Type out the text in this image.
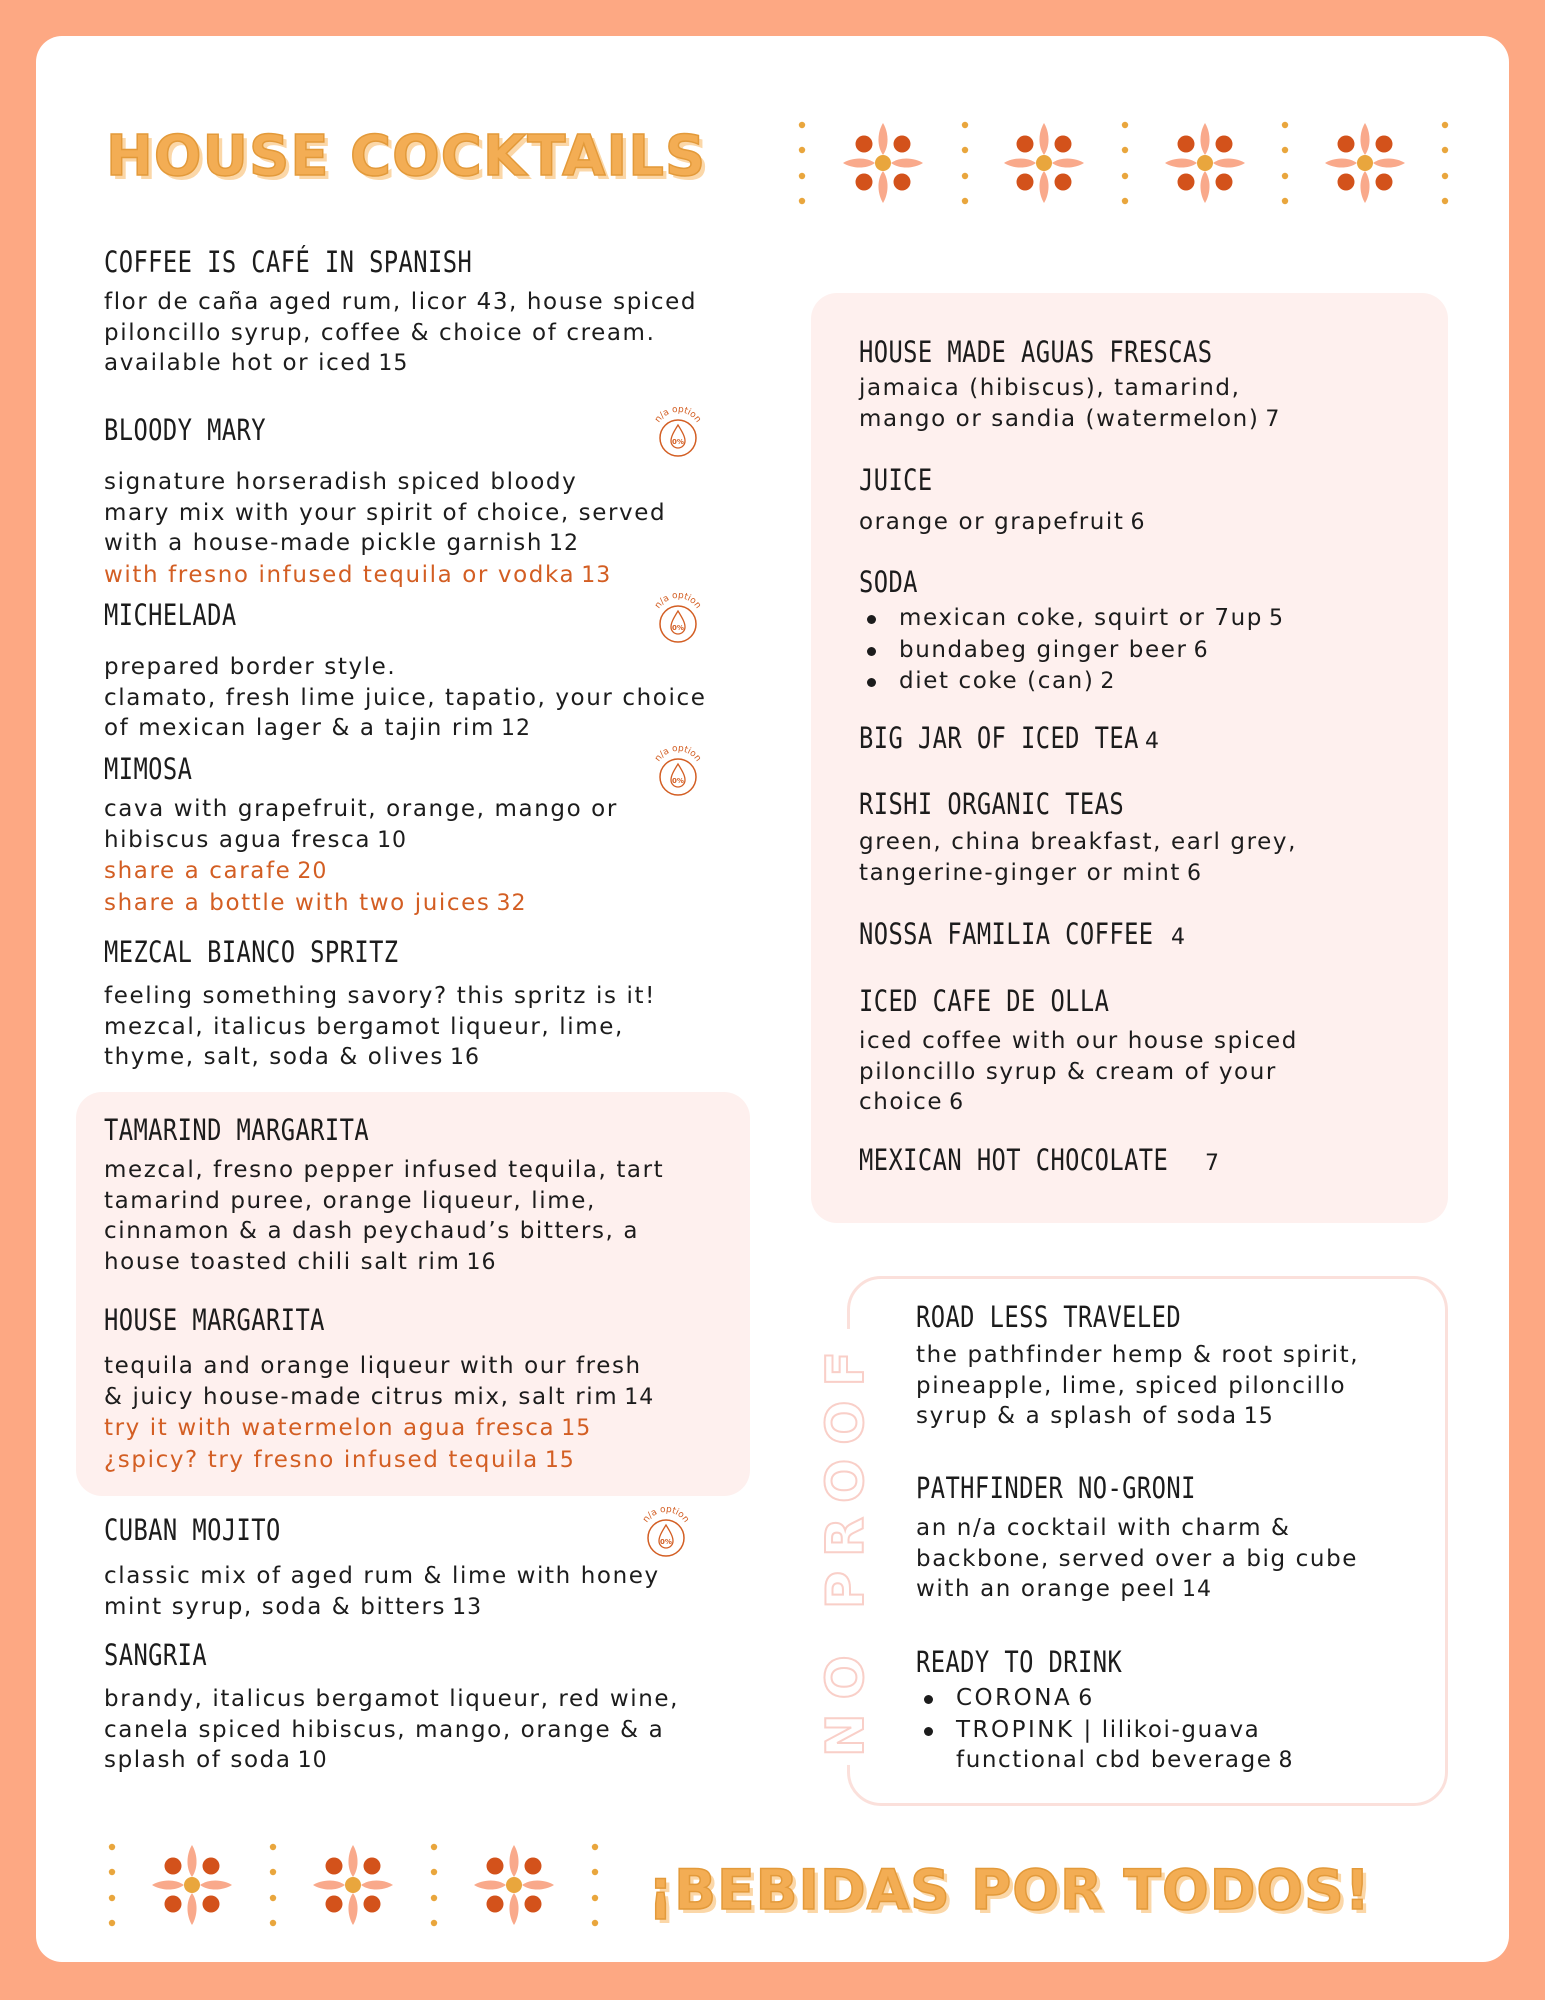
HOUSE COCKTAILS
COFFEE IS CAFÉ IN SPANISH
flor de caña aged rum, licor 43, house spiced
piloncillo syrup, coffee & choice of cream.
available hot or iced 15
BLOODY MARY
signature horseradish spiced bloody
mary mix with your spirit of choice, served
with a house-made pickle garnish 12
with fresno infused tequila or vodka 13
MICHELADA
prepared border style.
clamato, fresh lime juice, tapatio, your choice
of mexican lager & a tajin rim 12
MIMOSA
cava with grapefruit, orange, mango or
hibiscus agua fresca 10
share a carafe 20
share a bottle with two juices 32
MEZCAL BIANCO SPRITZ
feeling something savory? this spritz is it!
mezcal, italicus bergamot liqueur, lime,
thyme, salt, soda & olives 16
TAMARIND MARGARITA
mezcal, fresno pepper infused tequila, tart
tamarind puree, orange liqueur, lime,
cinnamon & a dash peychaud’s bitters, a
house toasted chili salt rim 16
HOUSE MARGARITA
tequila and orange liqueur with our fresh
& juicy house-made citrus mix, salt rim 14
try it with watermelon agua fresca 15
¿spicy? try fresno infused tequila 15
CUBAN MOJITO
classic mix of aged rum & lime with honey
mint syrup, soda & bitters 13
SANGRIA
brandy, italicus bergamot liqueur, red wine,
canela spiced hibiscus, mango, orange & a
splash of soda 10
n/a option
0%
n/a option
0%
n/a option
0%
n/a option
0%
HOUSE MADE AGUAS FRESCAS
jamaica (hibiscus), tamarind,
mango or sandia (watermelon) 7
JUICE
orange or grapefruit 6
SODA
mexican coke, squirt or 7up 5
bundabeg ginger beer 6
diet coke (can) 2
BIG JAR OF ICED TEA 4
RISHI ORGANIC TEAS
green, china breakfast, earl grey,
tangerine-ginger or mint 6
NOSSA FAMILIA COFFEE 4
ICED CAFE DE OLLA
iced coffee with our house spiced
piloncillo syrup & cream of your
choice 6
MEXICAN HOT CHOCOLATE 7
NO PROOF
ROAD LESS TRAVELED
the pathfinder hemp & root spirit,
pineapple, lime, spiced piloncillo
syrup & a splash of soda 15
PATHFINDER NO-GRONI
an n/a cocktail with charm &
backbone, served over a big cube
with an orange peel 14
READY TO DRINK
CORONA 6
TROPINK | lilikoi-guava
functional cbd beverage 8
¡BEBIDAS POR TODOS!
